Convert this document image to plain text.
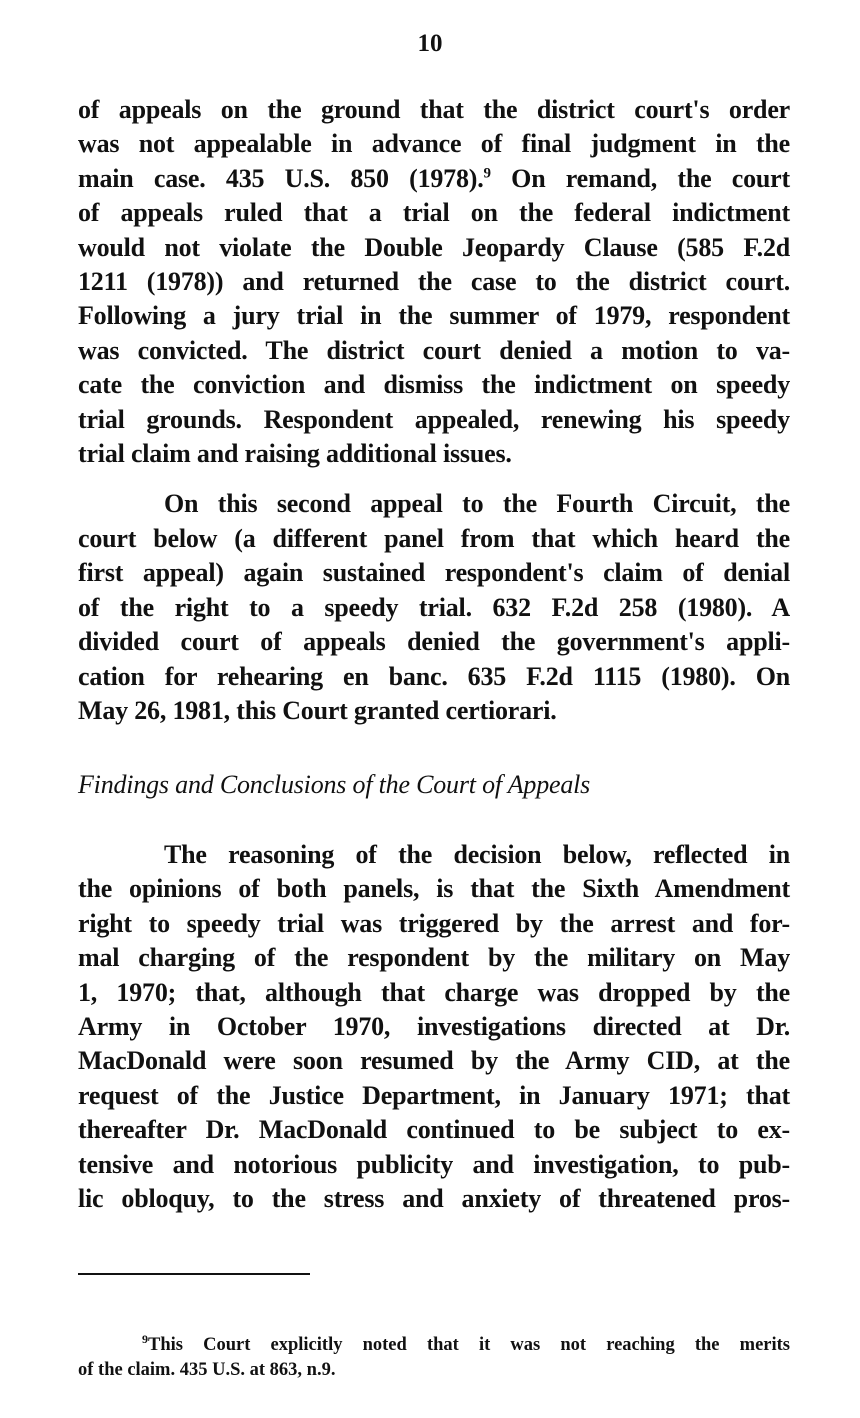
10
of appeals on the ground that the district court's order
was not appealable in advance of final judgment in the
main case. 435 U.S. 850 (1978).$^9$ On remand, the court
of appeals ruled that a trial on the federal indictment
would not violate the Double Jeopardy Clause (585 F.2d
1211 (1978)) and returned the case to the district court.
Following a jury trial in the summer of 1979, respondent
was convicted. The district court denied a motion to va-
cate the conviction and dismiss the indictment on speedy
trial grounds. Respondent appealed, renewing his speedy
trial claim and raising additional issues.
On this second appeal to the Fourth Circuit, the
court below (a different panel from that which heard the
first appeal) again sustained respondent's claim of denial
of the right to a speedy trial. 632 F.2d 258 (1980). A
divided court of appeals denied the government's appli-
cation for rehearing en banc. 635 F.2d 1115 (1980). On
May 26, 1981, this Court granted certiorari.
Findings and Conclusions of the Court of Appeals
The reasoning of the decision below, reflected in
the opinions of both panels, is that the Sixth Amendment
right to speedy trial was triggered by the arrest and for-
mal charging of the respondent by the military on May
1, 1970; that, although that charge was dropped by the
Army in October 1970, investigations directed at Dr.
MacDonald were soon resumed by the Army CID, at the
request of the Justice Department, in January 1971; that
thereafter Dr. MacDonald continued to be subject to ex-
tensive and notorious publicity and investigation, to pub-
lic obloquy, to the stress and anxiety of threatened pros-
$^9$This Court explicitly noted that it was not reaching the merits
of the claim. 435 U.S. at 863, n.9.
